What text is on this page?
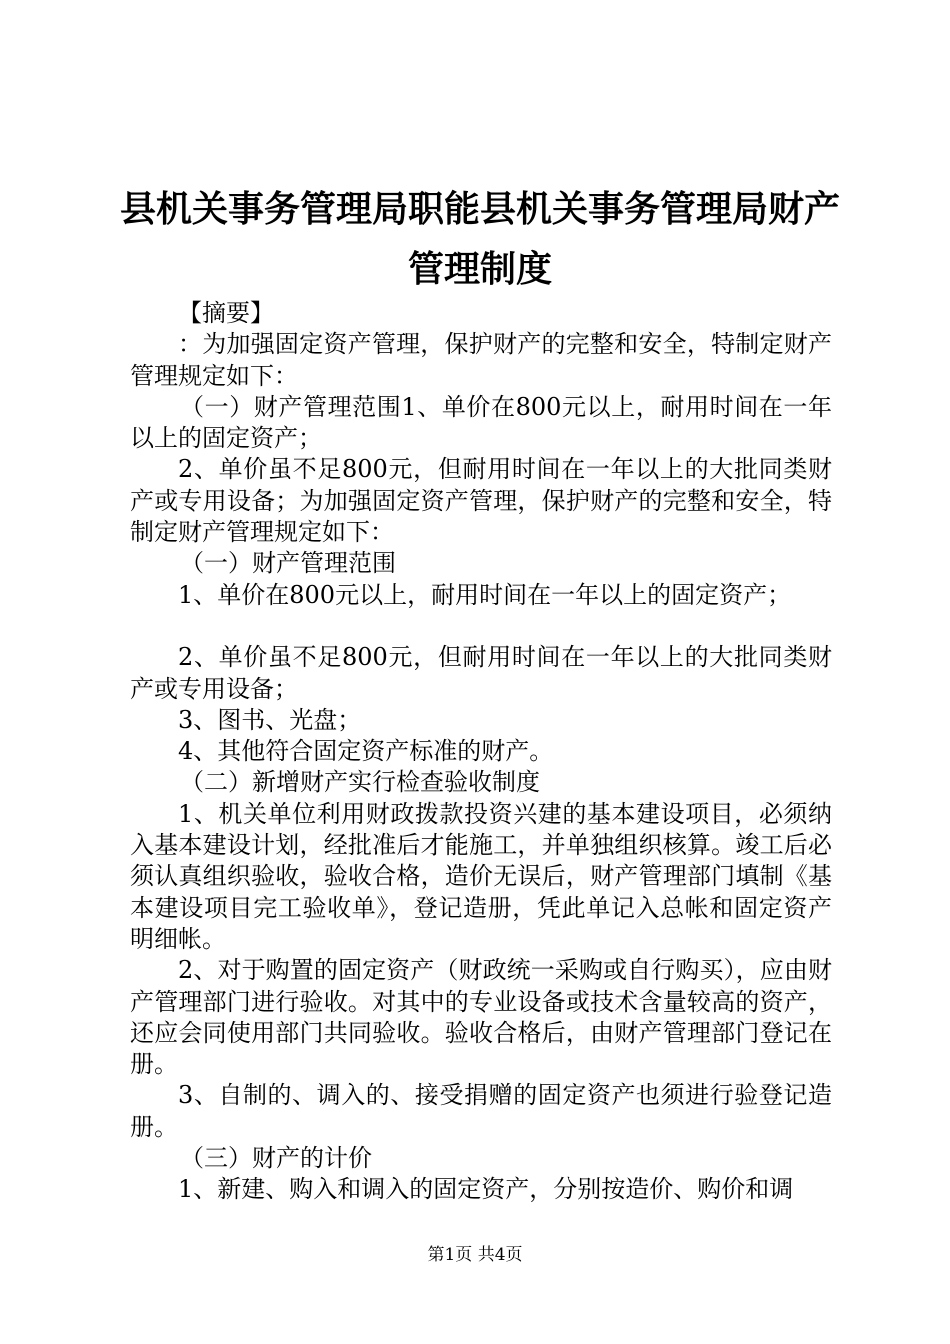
县机关事务管理局职能县机关事务管理局财产
管理制度

【摘要】

：为加强固定资产管理，保护财产的完整和安全，特制定财产管理规定如下：

（一）财产管理范围1、单价在800元以上，耐用时间在一年以上的固定资产；

2、单价虽不足800元，但耐用时间在一年以上的大批同类财产或专用设备；为加强固定资产管理，保护财产的完整和安全，特制定财产管理规定如下：

（一）财产管理范围

1、单价在800元以上，耐用时间在一年以上的固定资产；

2、单价虽不足800元，但耐用时间在一年以上的大批同类财产或专用设备；

3、图书、光盘；

4、其他符合固定资产标准的财产。

（二）新增财产实行检查验收制度

1、机关单位利用财政拨款投资兴建的基本建设项目，必须纳入基本建设计划，经批准后才能施工，并单独组织核算。竣工后必须认真组织验收，验收合格，造价无误后，财产管理部门填制《基本建设项目完工验收单》，登记造册，凭此单记入总帐和固定资产明细帐。

2、对于购置的固定资产（财政统一采购或自行购买），应由财产管理部门进行验收。对其中的专业设备或技术含量较高的资产，还应会同使用部门共同验收。验收合格后，由财产管理部门登记在册。

3、自制的、调入的、接受捐赠的固定资产也须进行验登记造册。

（三）财产的计价

1、新建、购入和调入的固定资产，分别按造价、购价和调

第1页 共4页
